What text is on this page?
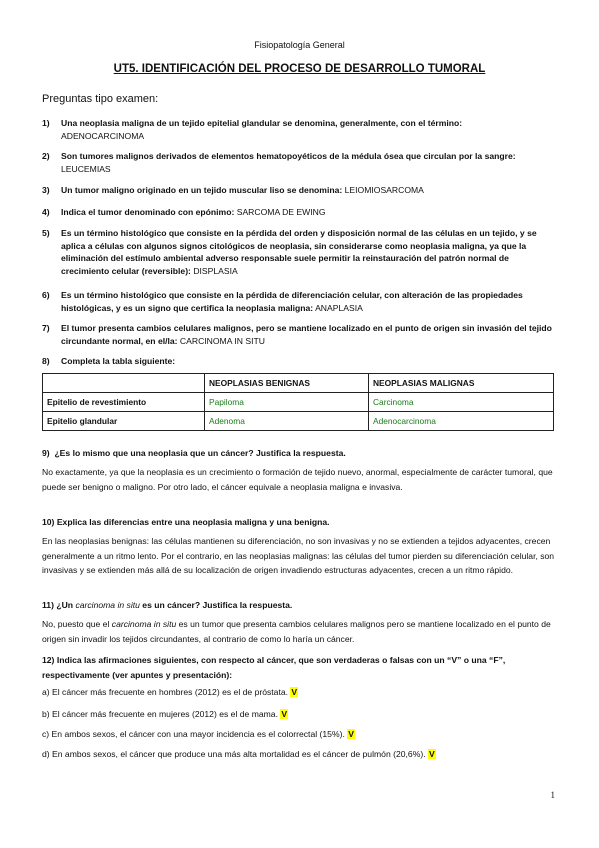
Fisiopatología General
UT5. IDENTIFICACIÓN DEL PROCESO DE DESARROLLO TUMORAL
Preguntas tipo examen:
1)	Una neoplasia maligna de un tejido epitelial glandular se denomina, generalmente, con el término:
ADENOCARCINOMA
2)	Son tumores malignos derivados de elementos hematopoyéticos de la médula ósea que circulan por la sangre: LEUCEMIAS
3)	Un tumor maligno originado en un tejido muscular liso se denomina: LEIOMIOSARCOMA
4)	Indica el tumor denominado con epónimo: SARCOMA DE EWING
5)	Es un término histológico que consiste en la pérdida del orden y disposición normal de las células en un tejido, y se aplica a células con algunos signos citológicos de neoplasia, sin considerarse como neoplasia maligna, ya que la eliminación del estímulo ambiental adverso responsable suele permitir la reinstauración del patrón normal de crecimiento celular (reversible): DISPLASIA
6)	Es un término histológico que consiste en la pérdida de diferenciación celular, con alteración de las propiedades histológicas, y es un signo que certifica la neoplasia maligna: ANAPLASIA
7)	El tumor presenta cambios celulares malignos, pero se mantiene localizado en el punto de origen sin invasión del tejido circundante normal, en el/la: CARCINOMA IN SITU
8)	Completa la tabla siguiente:
	NEOPLASIAS BENIGNAS	NEOPLASIAS MALIGNAS
Epitelio de revestimiento	Papiloma	Carcinoma
Epitelio glandular	Adenoma	Adenocarcinoma
9) ¿Es lo mismo que una neoplasia que un cáncer? Justifica la respuesta.
No exactamente, ya que la neoplasia es un crecimiento o formación de tejido nuevo, anormal, especialmente de carácter tumoral, que puede ser benigno o maligno. Por otro lado, el cáncer equivale a neoplasia maligna e invasiva.
10) Explica las diferencias entre una neoplasia maligna y una benigna.
En las neoplasias benignas: las células mantienen su diferenciación, no son invasivas y no se extienden a tejidos adyacentes, crecen generalmente a un ritmo lento. Por el contrario, en las neoplasias malignas: las células del tumor pierden su diferenciación celular, son invasivas y se extienden más allá de su localización de origen invadiendo estructuras adyacentes, crecen a un ritmo rápido.
11) ¿Un carcinoma in situ es un cáncer? Justifica la respuesta.
No, puesto que el carcinoma in situ es un tumor que presenta cambios celulares malignos pero se mantiene localizado en el punto de origen sin invadir los tejidos circundantes, al contrario de como lo haría un cáncer.
12) Indica las afirmaciones siguientes, con respecto al cáncer, que son verdaderas o falsas con un “V” o una “F”, respectivamente (ver apuntes y presentación):
a) El cáncer más frecuente en hombres (2012) es el de próstata. V
b) El cáncer más frecuente en mujeres (2012) es el de mama. V
c) En ambos sexos, el cáncer con una mayor incidencia es el colorrectal (15%). V
d) En ambos sexos, el cáncer que produce una más alta mortalidad es el cáncer de pulmón (20,6%). V
1
